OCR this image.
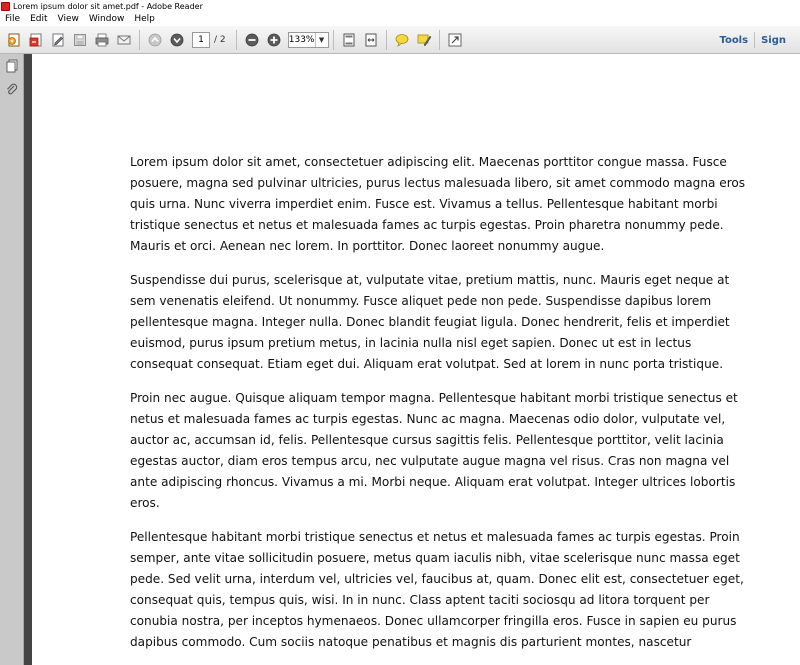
Lorem ipsum dolor sit amet.pdf - Adobe Reader
File	Edit	View	Window	Help
1	/ 2	133% ▼	Tools	Sign

Lorem ipsum dolor sit amet, consectetuer adipiscing elit. Maecenas porttitor congue massa. Fusce posuere, magna sed pulvinar ultricies, purus lectus malesuada libero, sit amet commodo magna eros quis urna. Nunc viverra imperdiet enim. Fusce est. Vivamus a tellus. Pellentesque habitant morbi tristique senectus et netus et malesuada fames ac turpis egestas. Proin pharetra nonummy pede. Mauris et orci. Aenean nec lorem. In porttitor. Donec laoreet nonummy augue.

Suspendisse dui purus, scelerisque at, vulputate vitae, pretium mattis, nunc. Mauris eget neque at sem venenatis eleifend. Ut nonummy. Fusce aliquet pede non pede. Suspendisse dapibus lorem pellentesque magna. Integer nulla. Donec blandit feugiat ligula. Donec hendrerit, felis et imperdiet euismod, purus ipsum pretium metus, in lacinia nulla nisl eget sapien. Donec ut est in lectus consequat consequat. Etiam eget dui. Aliquam erat volutpat. Sed at lorem in nunc porta tristique.

Proin nec augue. Quisque aliquam tempor magna. Pellentesque habitant morbi tristique senectus et netus et malesuada fames ac turpis egestas. Nunc ac magna. Maecenas odio dolor, vulputate vel, auctor ac, accumsan id, felis. Pellentesque cursus sagittis felis. Pellentesque porttitor, velit lacinia egestas auctor, diam eros tempus arcu, nec vulputate augue magna vel risus. Cras non magna vel ante adipiscing rhoncus. Vivamus a mi. Morbi neque. Aliquam erat volutpat. Integer ultrices lobortis eros.

Pellentesque habitant morbi tristique senectus et netus et malesuada fames ac turpis egestas. Proin semper, ante vitae sollicitudin posuere, metus quam iaculis nibh, vitae scelerisque nunc massa eget pede. Sed velit urna, interdum vel, ultricies vel, faucibus at, quam. Donec elit est, consectetuer eget, consequat quis, tempus quis, wisi. In in nunc. Class aptent taciti sociosqu ad litora torquent per conubia nostra, per inceptos hymenaeos. Donec ullamcorper fringilla eros. Fusce in sapien eu purus dapibus commodo. Cum sociis natoque penatibus et magnis dis parturient montes, nascetur
